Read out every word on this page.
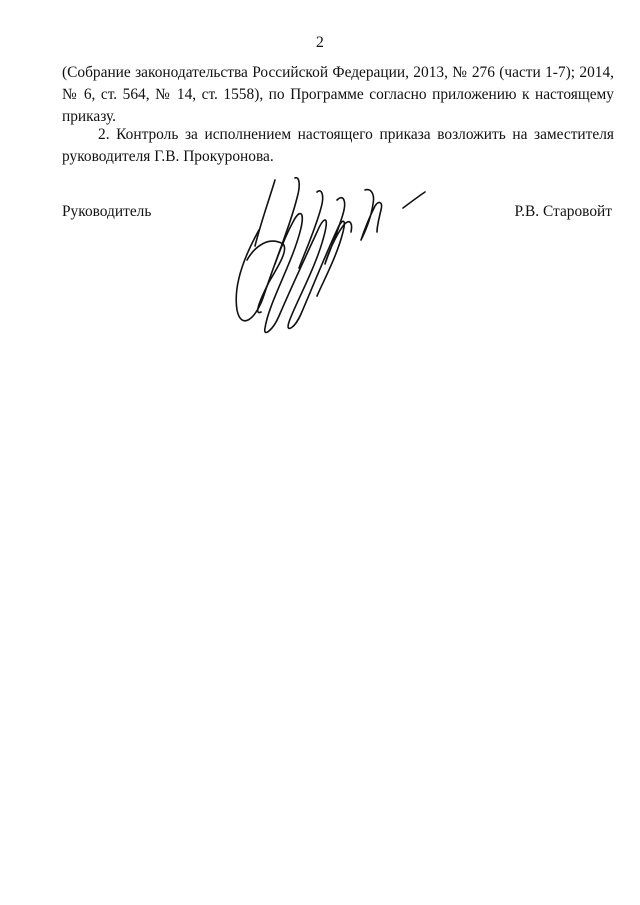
2

(Собрание законодательства Российской Федерации, 2013, № 276 (части 1-7); 2014, № 6, ст. 564, № 14, ст. 1558), по Программе согласно приложению к настоящему приказу.

2. Контроль за исполнением настоящего приказа возложить на заместителя руководителя Г.В. Прокуронова.

Руководитель	Р.В. Старовойт
